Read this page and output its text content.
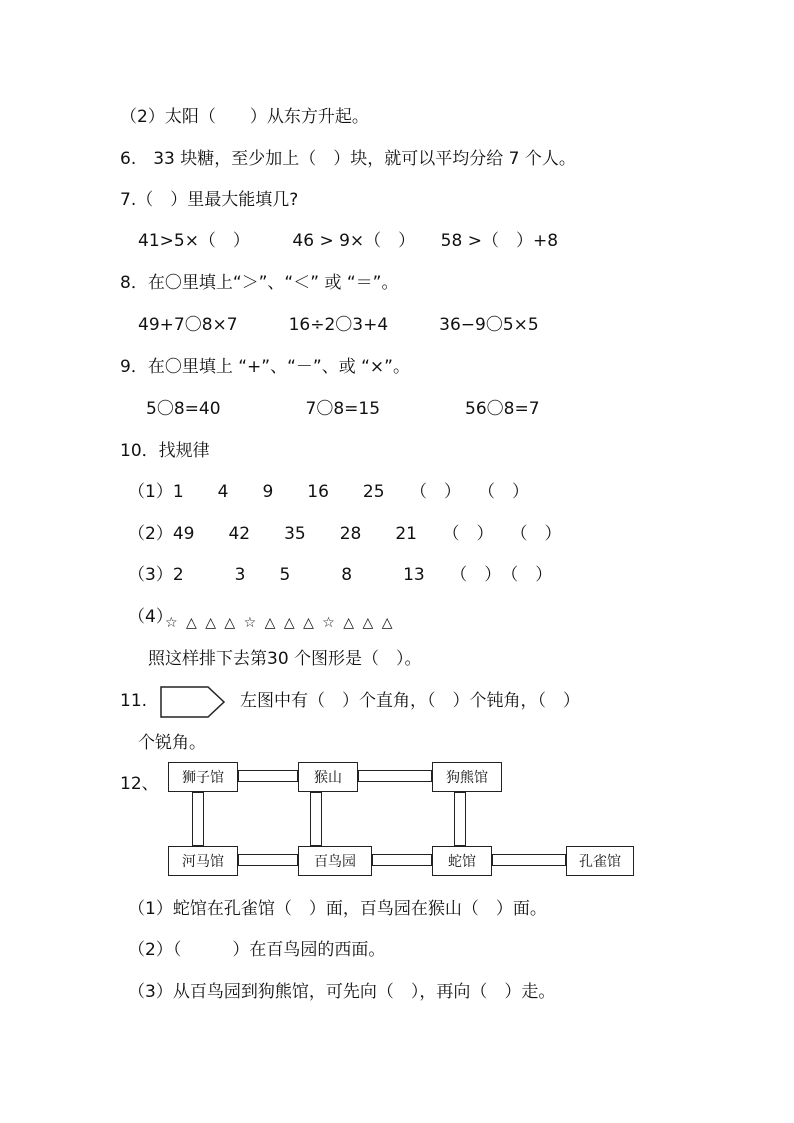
（2）太阳（　　）从东方升起。
6.　33 块糖，至少加上（　）块，就可以平均分给 7 个人。
7.（　）里最大能填几?
41>5×（　）　　　46 > 9×（　）　　58 >（　）+8
8．在〇里填上“＞”、“＜” 或 “＝”。
49+7〇8×7　　　16÷2〇3+4　　　36−9〇5×5
9．在〇里填上 “+”、“－”、或 “×”。
5〇8=40　　　　　7〇8=15　　　　　56〇8=7
10．找规律
（1）1　　4　　9　　16　　25　　（　）　　（　）
（2）49　　42　　35　　28　　21　　（　）　　（　）
（3）2　　　3　　5　　　8　　　13　　（　）　（　）
（4）
☆ △ △ △ ☆ △ △ △ ☆ △ △ △
照这样排下去第30 个图形是（　）。
11.	左图中有（　）个直角，（　）个钝角，（　）
个锐角。
12、	狮子馆	猴山	狗熊馆
河马馆	百鸟园	蛇馆	孔雀馆
（1）蛇馆在孔雀馆（　）面，百鸟园在猴山（　）面。
（2）（　　　）在百鸟园的西面。
（3）从百鸟园到狗熊馆，可先向（　），再向（　）走。
